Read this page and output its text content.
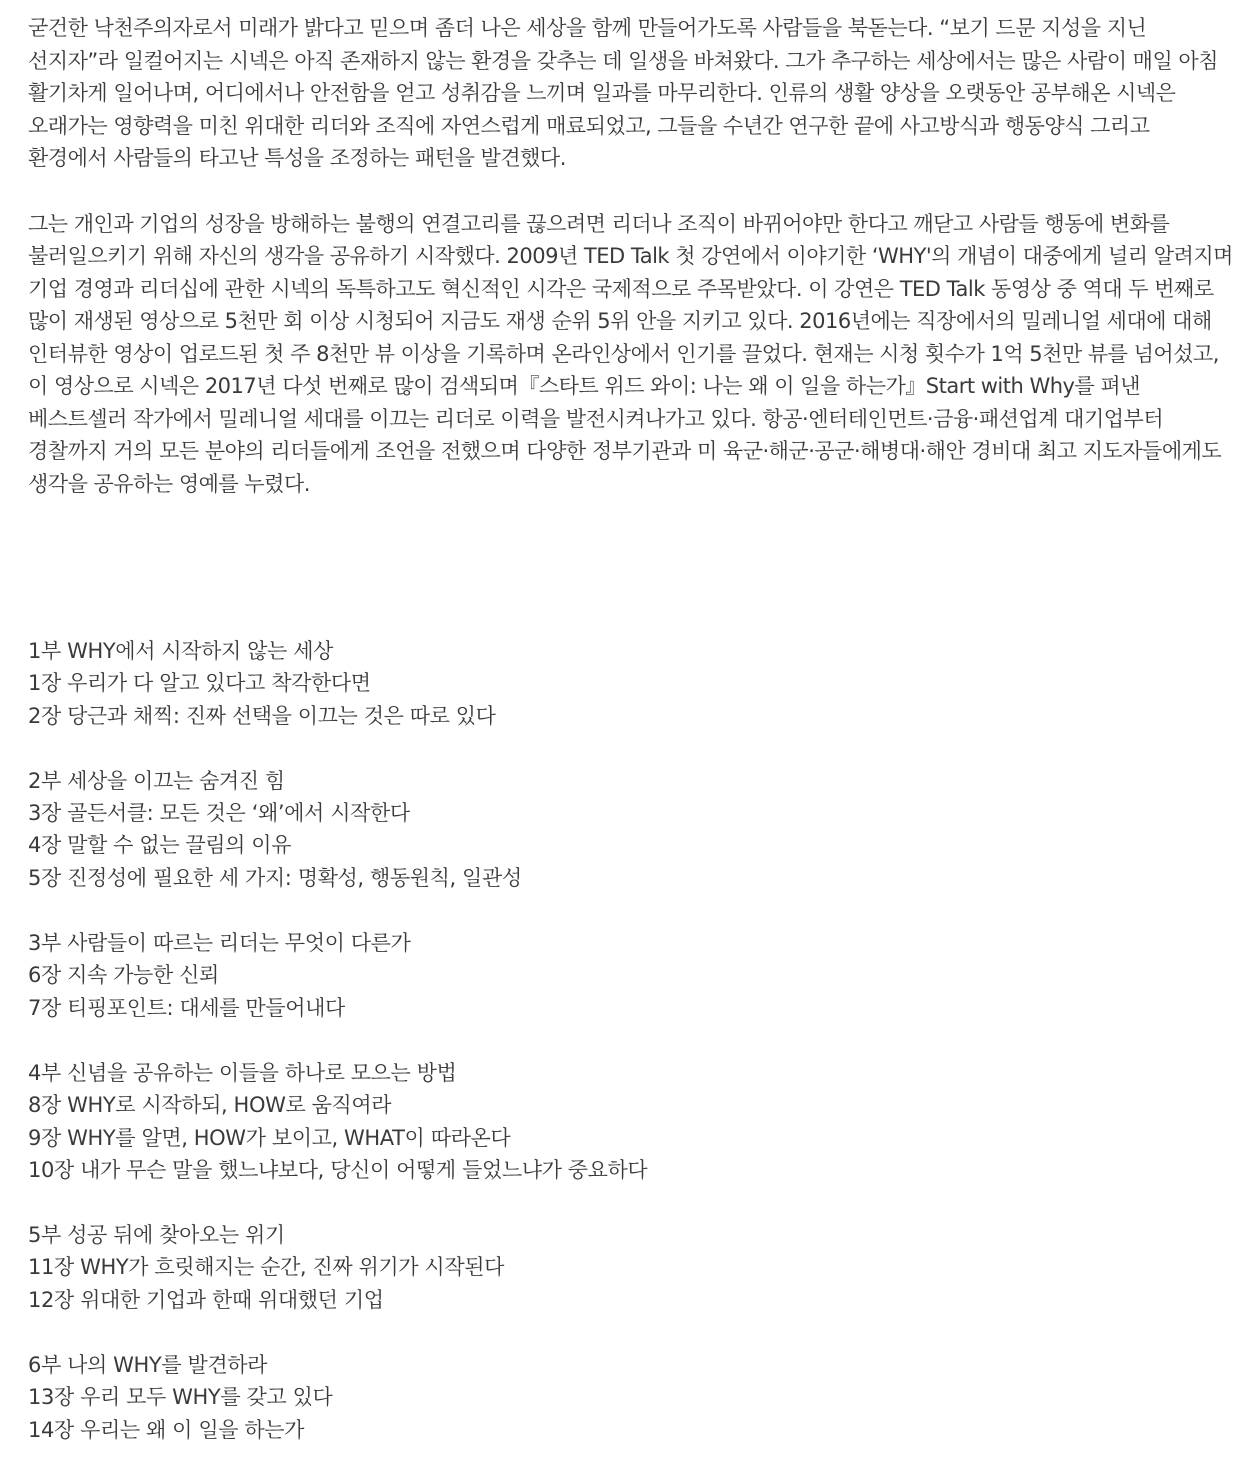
굳건한 낙천주의자로서 미래가 밝다고 믿으며 좀더 나은 세상을 함께 만들어가도록 사람들을 북돋는다. “보기 드문 지성을 지닌 선지자”라 일컬어지는 시넥은 아직 존재하지 않는 환경을 갖추는 데 일생을 바쳐왔다. 그가 추구하는 세상에서는 많은 사람이 매일 아침 활기차게 일어나며, 어디에서나 안전함을 얻고 성취감을 느끼며 일과를 마무리한다. 인류의 생활 양상을 오랫동안 공부해온 시넥은 오래가는 영향력을 미친 위대한 리더와 조직에 자연스럽게 매료되었고, 그들을 수년간 연구한 끝에 사고방식과 행동양식 그리고 환경에서 사람들의 타고난 특성을 조정하는 패턴을 발견했다.

그는 개인과 기업의 성장을 방해하는 불행의 연결고리를 끊으려면 리더나 조직이 바뀌어야만 한다고 깨닫고 사람들 행동에 변화를 불러일으키기 위해 자신의 생각을 공유하기 시작했다. 2009년 TED Talk 첫 강연에서 이야기한 ‘WHY'의 개념이 대중에게 널리 알려지며 기업 경영과 리더십에 관한 시넥의 독특하고도 혁신적인 시각은 국제적으로 주목받았다. 이 강연은 TED Talk 동영상 중 역대 두 번째로 많이 재생된 영상으로 5천만 회 이상 시청되어 지금도 재생 순위 5위 안을 지키고 있다. 2016년에는 직장에서의 밀레니얼 세대에 대해 인터뷰한 영상이 업로드된 첫 주 8천만 뷰 이상을 기록하며 온라인상에서 인기를 끌었다. 현재는 시청 횟수가 1억 5천만 뷰를 넘어섰고, 이 영상으로 시넥은 2017년 다섯 번째로 많이 검색되며『스타트 위드 와이: 나는 왜 이 일을 하는가』Start with Why를 펴낸 베스트셀러 작가에서 밀레니얼 세대를 이끄는 리더로 이력을 발전시켜나가고 있다. 항공·엔터테인먼트·금융·패션업계 대기업부터 경찰까지 거의 모든 분야의 리더들에게 조언을 전했으며 다양한 정부기관과 미 육군·해군·공군·해병대·해안 경비대 최고 지도자들에게도 생각을 공유하는 영예를 누렸다.

1부 WHY에서 시작하지 않는 세상
1장 우리가 다 알고 있다고 착각한다면
2장 당근과 채찍: 진짜 선택을 이끄는 것은 따로 있다
2부 세상을 이끄는 숨겨진 힘
3장 골든서클: 모든 것은 ‘왜’에서 시작한다
4장 말할 수 없는 끌림의 이유
5장 진정성에 필요한 세 가지: 명확성, 행동원칙, 일관성
3부 사람들이 따르는 리더는 무엇이 다른가
6장 지속 가능한 신뢰
7장 티핑포인트: 대세를 만들어내다
4부 신념을 공유하는 이들을 하나로 모으는 방법
8장 WHY로 시작하되, HOW로 움직여라
9장 WHY를 알면, HOW가 보이고, WHAT이 따라온다
10장 내가 무슨 말을 했느냐보다, 당신이 어떻게 들었느냐가 중요하다
5부 성공 뒤에 찾아오는 위기
11장 WHY가 흐릿해지는 순간, 진짜 위기가 시작된다
12장 위대한 기업과 한때 위대했던 기업
6부 나의 WHY를 발견하라
13장 우리 모두 WHY를 갖고 있다
14장 우리는 왜 이 일을 하는가
